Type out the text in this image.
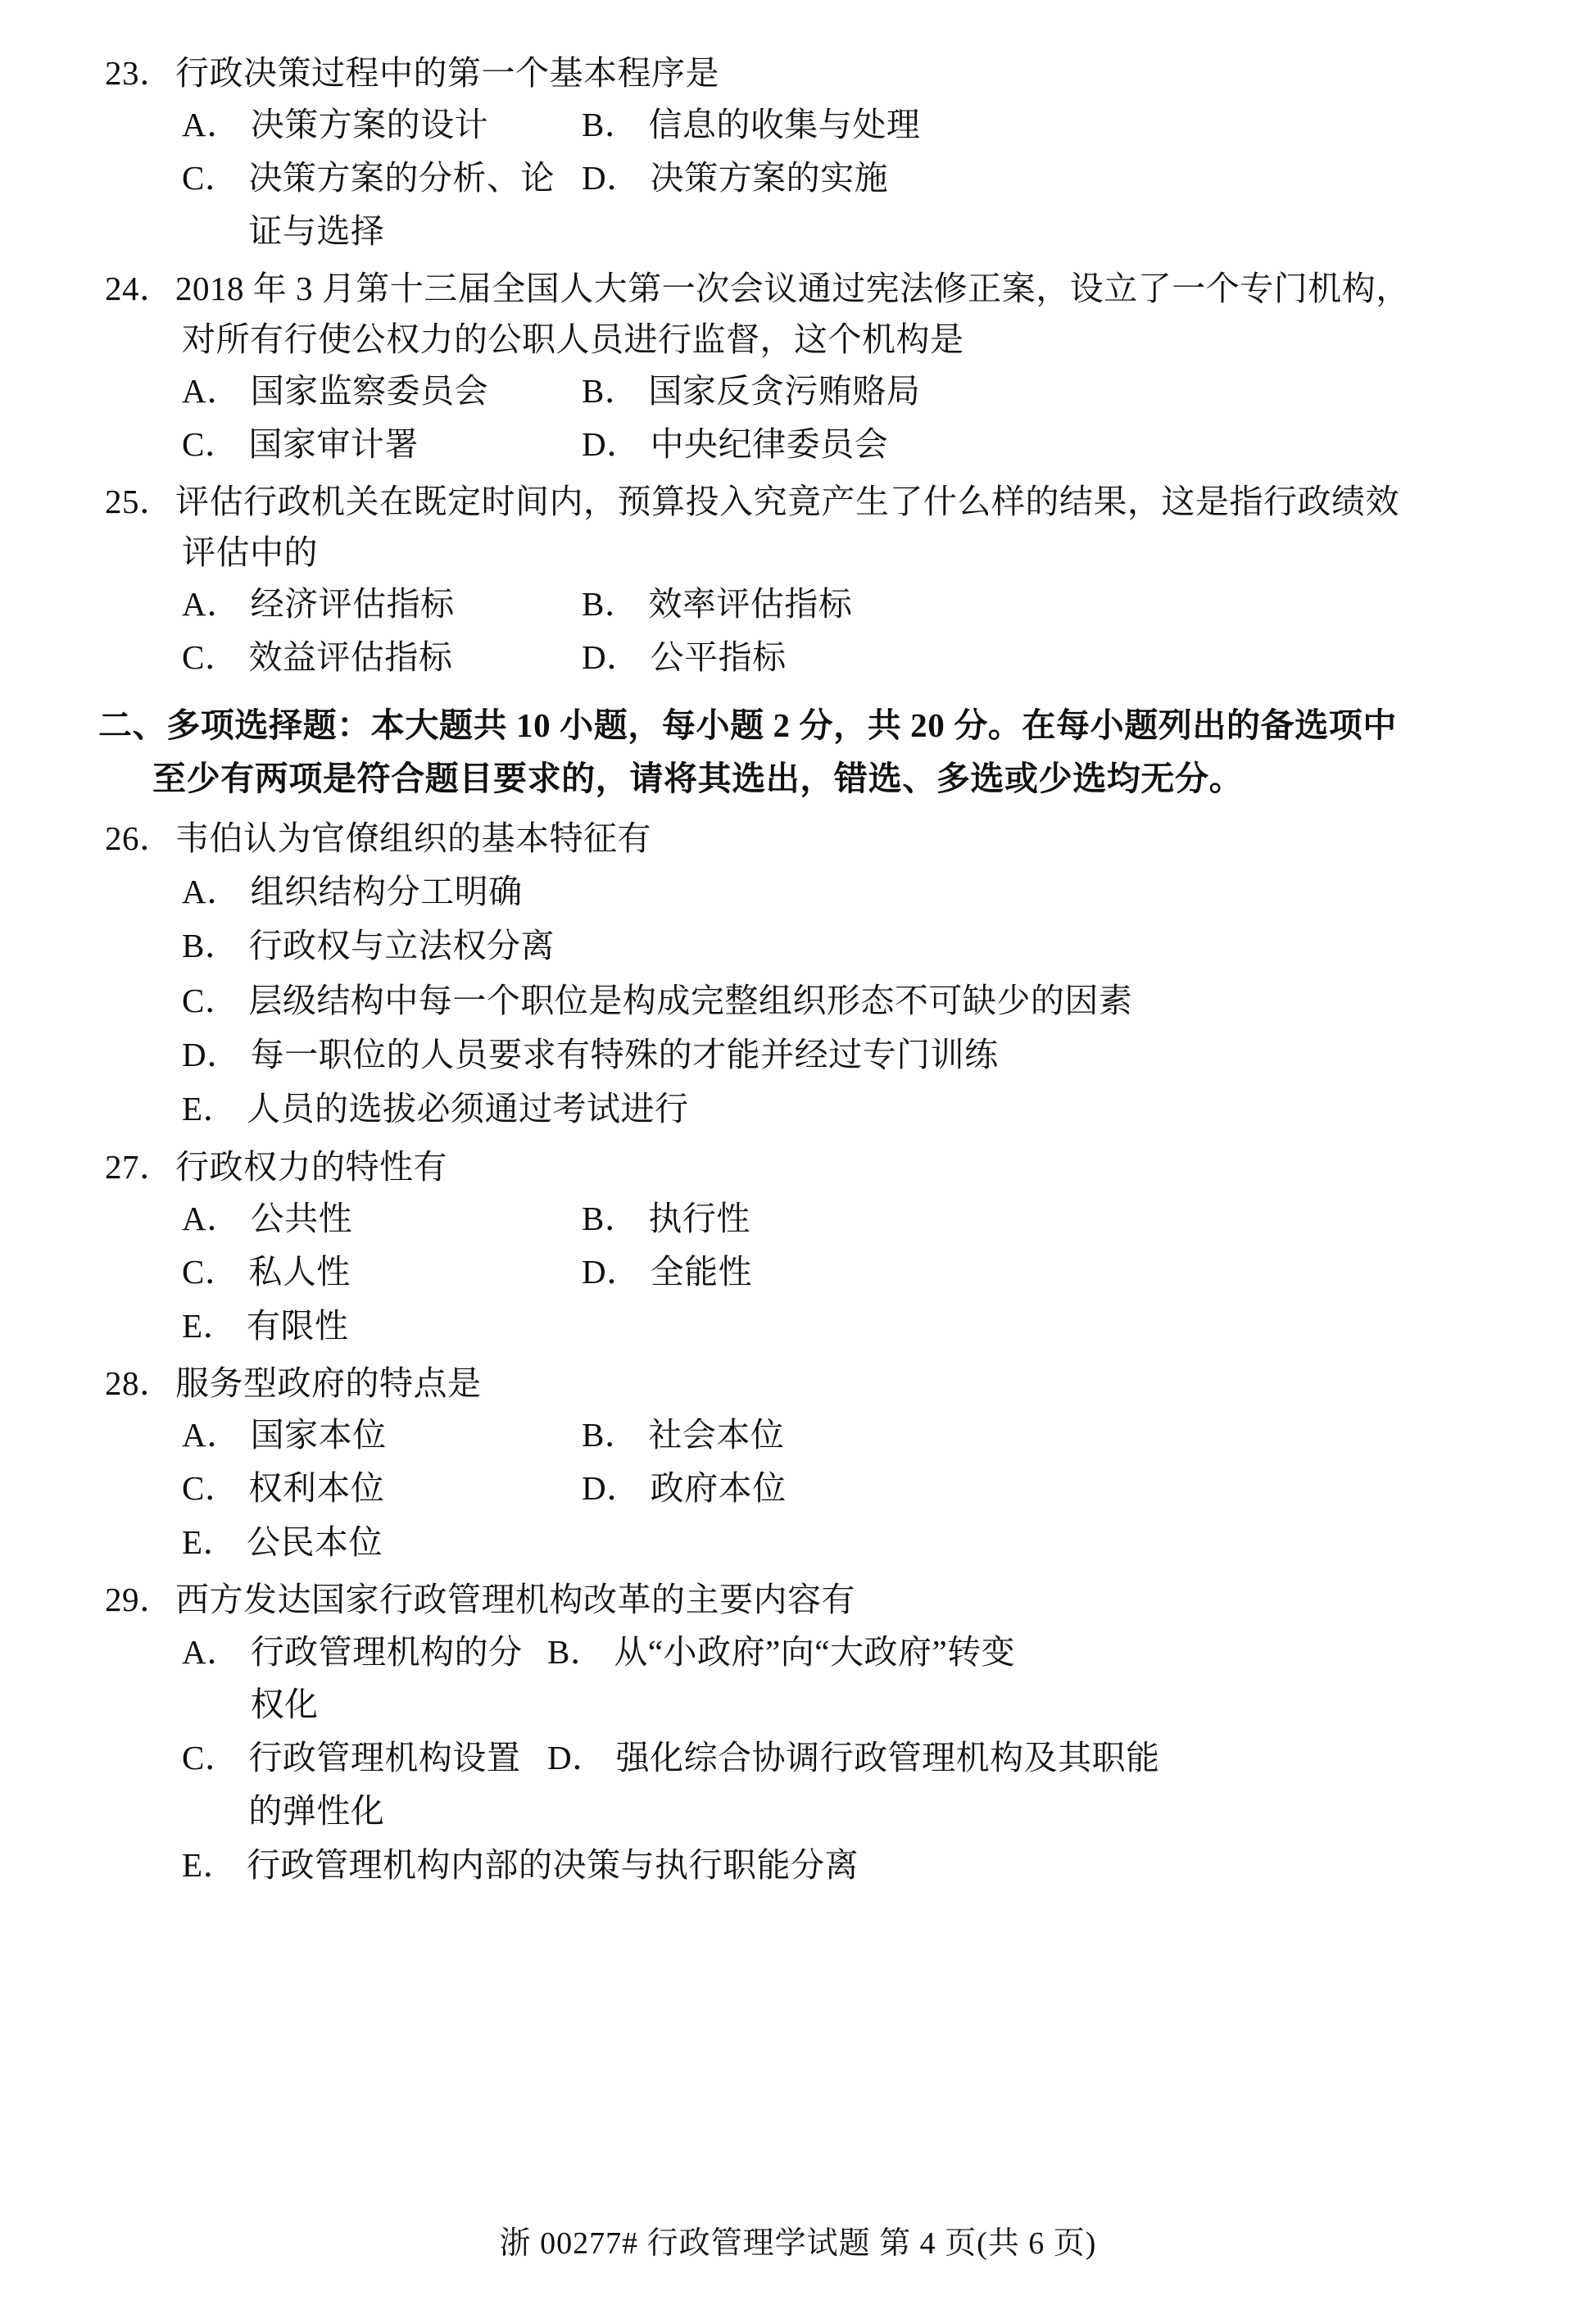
23． 行政决策过程中的第一个基本程序是
A． 决策方案的设计	B． 信息的收集与处理
C． 决策方案的分析、论证与选择
D． 决策方案的实施
24． 2018 年 3 月第十三届全国人大第一次会议通过宪法修正案，设立了一个专门机构，
对所有行使公权力的公职人员进行监督，这个机构是
A． 国家监察委员会	B． 国家反贪污贿赂局
C． 国家审计署	D． 中央纪律委员会
25． 评估行政机关在既定时间内，预算投入究竟产生了什么样的结果，这是指行政绩效
评估中的
A． 经济评估指标	B． 效率评估指标
C． 效益评估指标	D． 公平指标
二、 多项选择题：本大题共 10 小题，每小题 2 分，共 20 分。在每小题列出的备选项中
至少有两项是符合题目要求的，请将其选出，错选、多选或少选均无分。
26． 韦伯认为官僚组织的基本特征有
A． 组织结构分工明确
B． 行政权与立法权分离
C． 层级结构中每一个职位是构成完整组织形态不可缺少的因素
D． 每一职位的人员要求有特殊的才能并经过专门训练
E． 人员的选拔必须通过考试进行
27． 行政权力的特性有
A． 公共性	B． 执行性
C． 私人性	D． 全能性
E． 有限性
28． 服务型政府的特点是
A． 国家本位	B． 社会本位
C． 权利本位	D． 政府本位
E． 公民本位
29． 西方发达国家行政管理机构改革的主要内容有
A． 行政管理机构的分权化
B． 从“小政府”向“大政府”转变
C． 行政管理机构设置的弹性化
D． 强化综合协调行政管理机构及其职能
E． 行政管理机构内部的决策与执行职能分离
浙 00277# 行政管理学试题 第 4 页(共 6 页)
